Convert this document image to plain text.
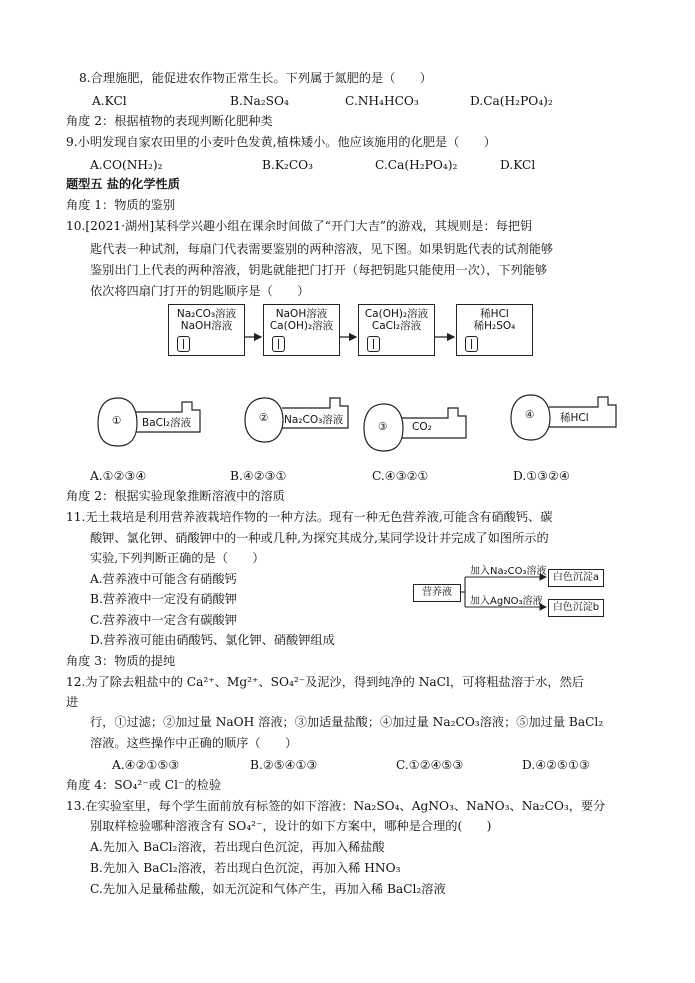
8.合理施肥，能促进农作物正常生长。下列属于氮肥的是（　　）
A.KCl	B.Na₂SO₄	C.NH₄HCO₃	D.Ca(H₂PO₄)₂
角度 2：根据植物的表现判断化肥种类
9.小明发现自家农田里的小麦叶色发黄,植株矮小。他应该施用的化肥是（　　）
A.CO(NH₂)₂	B.K₂CO₃	C.Ca(H₂PO₄)₂	D.KCl
题型五 盐的化学性质
角度 1：物质的鉴别
10.[2021·湖州]某科学兴趣小组在课余时间做了“开门大吉”的游戏，其规则是：每把钥
匙代表一种试剂，每扇门代表需要鉴别的两种溶液，见下图。如果钥匙代表的试剂能够
鉴别出门上代表的两种溶液，钥匙就能把门打开（每把钥匙只能使用一次），下列能够
依次将四扇门打开的钥匙顺序是（　　）
Na₂CO₃溶液
NaOH溶液
NaOH溶液
Ca(OH)₂溶液
Ca(OH)₂溶液
CaCl₂溶液
稀HCl
稀H₂SO₄
① BaCl₂溶液	② Na₂CO₃溶液
③ CO₂
④ 稀HCl
A.①②③④	B.④②③①	C.④③②①	D.①③②④
角度 2：根据实验现象推断溶液中的溶质
11.无土栽培是利用营养液栽培作物的一种方法。现有一种无色营养液,可能含有硝酸钙、碳
酸钾、氯化钾、硝酸钾中的一种或几种,为探究其成分,某同学设计并完成了如图所示的
实验,下列判断正确的是（　　）
A.营养液中可能含有硝酸钙
B.营养液中一定没有硝酸钾
C.营养液中一定含有碳酸钾
D.营养液可能由硝酸钙、氯化钾、硝酸钾组成
营养液
加入Na₂CO₃溶液
白色沉淀a
加入AgNO₃溶液
白色沉淀b
角度 3：物质的提纯
12.为了除去粗盐中的 Ca²⁺、Mg²⁺、SO₄²⁻及泥沙，得到纯净的 NaCl，可将粗盐溶于水，然后
进
行，①过滤；②加过量 NaOH 溶液；③加适量盐酸；④加过量 Na₂CO₃溶液；⑤加过量 BaCl₂
溶液。这些操作中正确的顺序（　　）
A.④②①⑤③	B.②⑤④①③	C.①②④⑤③	D.④②⑤①③
角度 4：SO₄²⁻或 Cl⁻的检验
13.在实验室里，每个学生面前放有标签的如下溶液：Na₂SO₄、AgNO₃、NaNO₃、Na₂CO₃，要分
别取样检验哪种溶液含有 SO₄²⁻，设计的如下方案中，哪种是合理的(　　)
A.先加入 BaCl₂溶液，若出现白色沉淀，再加入稀盐酸
B.先加入 BaCl₂溶液，若出现白色沉淀，再加入稀 HNO₃
C.先加入足量稀盐酸，如无沉淀和气体产生，再加入稀 BaCl₂溶液
